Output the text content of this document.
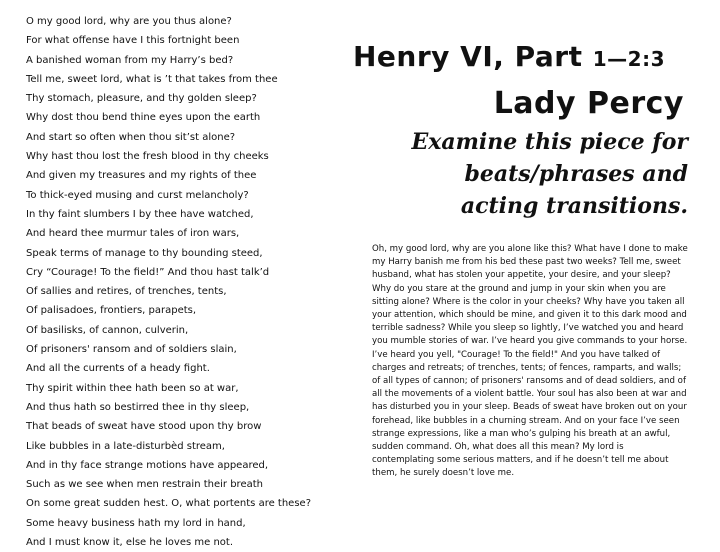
O my good lord, why are you thus alone?
For what offense have I this fortnight been
A banished woman from my Harry’s bed?
Tell me, sweet lord, what is ’t that takes from thee
Thy stomach, pleasure, and thy golden sleep?
Why dost thou bend thine eyes upon the earth
And start so often when thou sit’st alone?
Why hast thou lost the fresh blood in thy cheeks
And given my treasures and my rights of thee
To thick-eyed musing and curst melancholy?
In thy faint slumbers I by thee have watched,
And heard thee murmur tales of iron wars,
Speak terms of manage to thy bounding steed,
Cry “Courage! To the field!” And thou hast talk’d
Of sallies and retires, of trenches, tents,
Of palisadoes, frontiers, parapets,
Of basilisks, of cannon, culverin,
Of prisoners' ransom and of soldiers slain,
And all the currents of a heady fight.
Thy spirit within thee hath been so at war,
And thus hath so bestirred thee in thy sleep,
That beads of sweat have stood upon thy brow
Like bubbles in a late-disturbèd stream,
And in thy face strange motions have appeared,
Such as we see when men restrain their breath
On some great sudden hest. O, what portents are these?
Some heavy business hath my lord in hand,
And I must know it, else he loves me not.
Henry VI, Part 1—2:3
Lady Percy
Examine this piece for
beats/phrases and
acting transitions.
Oh, my good lord, why are you alone like this? What have I done to make my Harry banish me from his bed these past two weeks? Tell me, sweet husband, what has stolen your appetite, your desire, and your sleep? Why do you stare at the ground and jump in your skin when you are sitting alone? Where is the color in your cheeks? Why have you taken all your attention, which should be mine, and given it to this dark mood and terrible sadness? While you sleep so lightly, I’ve watched you and heard you mumble stories of war. I’ve heard you give commands to your horse. I’ve heard you yell, "Courage! To the field!" And you have talked of charges and retreats; of trenches, tents; of fences, ramparts, and walls; of all types of cannon; of prisoners' ransoms and of dead soldiers, and of all the movements of a violent battle. Your soul has also been at war and has disturbed you in your sleep. Beads of sweat have broken out on your forehead, like bubbles in a churning stream. And on your face I’ve seen strange expressions, like a man who’s gulping his breath at an awful, sudden command. Oh, what does all this mean? My lord is contemplating some serious matters, and if he doesn’t tell me about them, he surely doesn’t love me.
